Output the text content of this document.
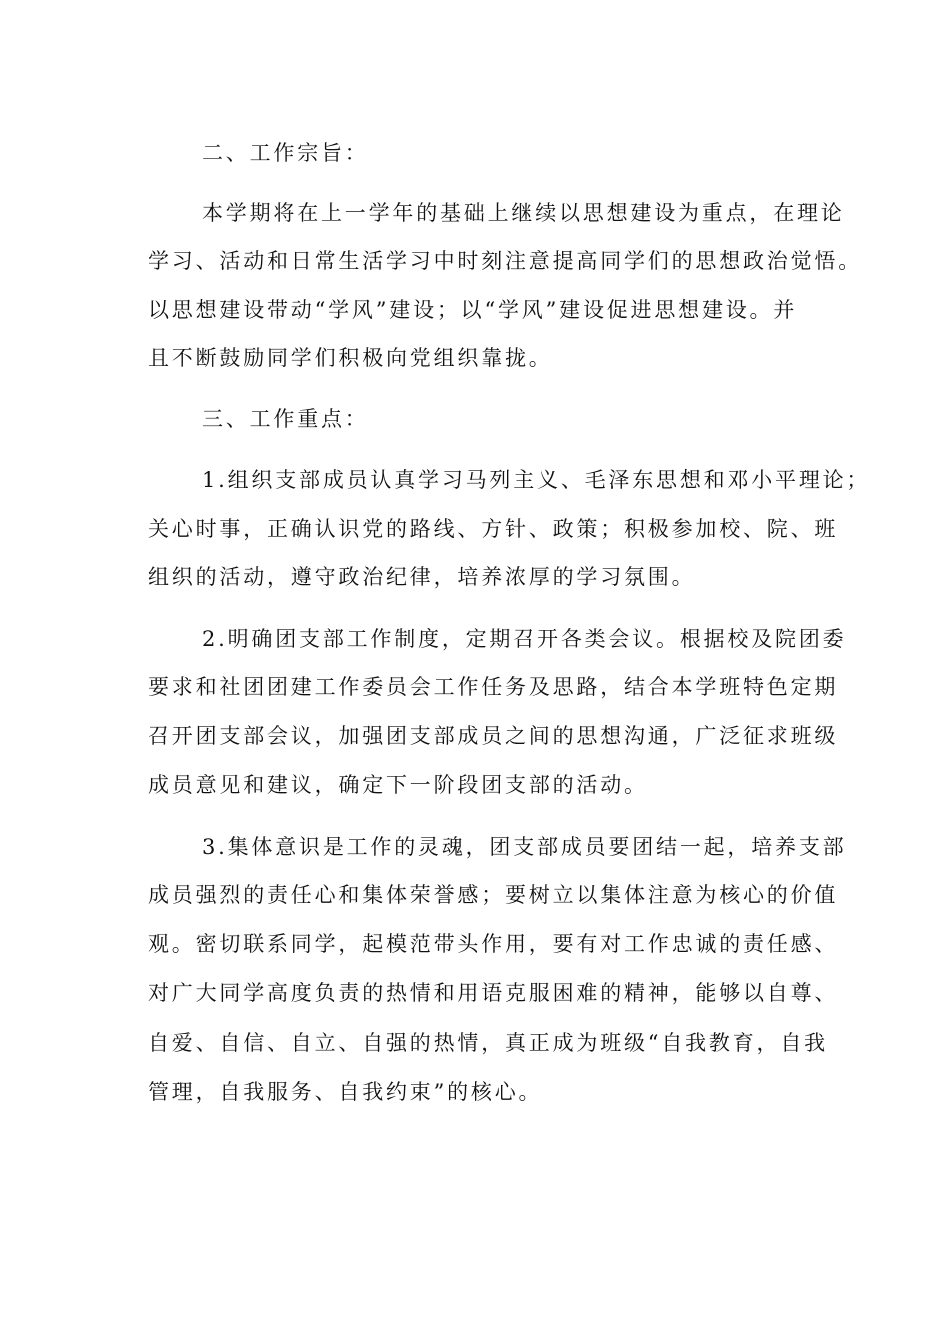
二、工作宗旨：

本学期将在上一学年的基础上继续以思想建设为重点，在理论

学习、活动和日常生活学习中时刻注意提高同学们的思想政治觉悟。

以思想建设带动“学风”建设；以“学风”建设促进思想建设。并

且不断鼓励同学们积极向党组织靠拢。

三、工作重点：

1.组织支部成员认真学习马列主义、毛泽东思想和邓小平理论；

关心时事，正确认识党的路线、方针、政策；积极参加校、院、班

组织的活动，遵守政治纪律，培养浓厚的学习氛围。

2.明确团支部工作制度，定期召开各类会议。根据校及院团委

要求和社团团建工作委员会工作任务及思路，结合本学班特色定期

召开团支部会议，加强团支部成员之间的思想沟通，广泛征求班级

成员意见和建议，确定下一阶段团支部的活动。

3.集体意识是工作的灵魂，团支部成员要团结一起，培养支部

成员强烈的责任心和集体荣誉感；要树立以集体注意为核心的价值

观。密切联系同学，起模范带头作用，要有对工作忠诚的责任感、

对广大同学高度负责的热情和用语克服困难的精神，能够以自尊、

自爱、自信、自立、自强的热情，真正成为班级“自我教育，自我

管理，自我服务、自我约束”的核心。
